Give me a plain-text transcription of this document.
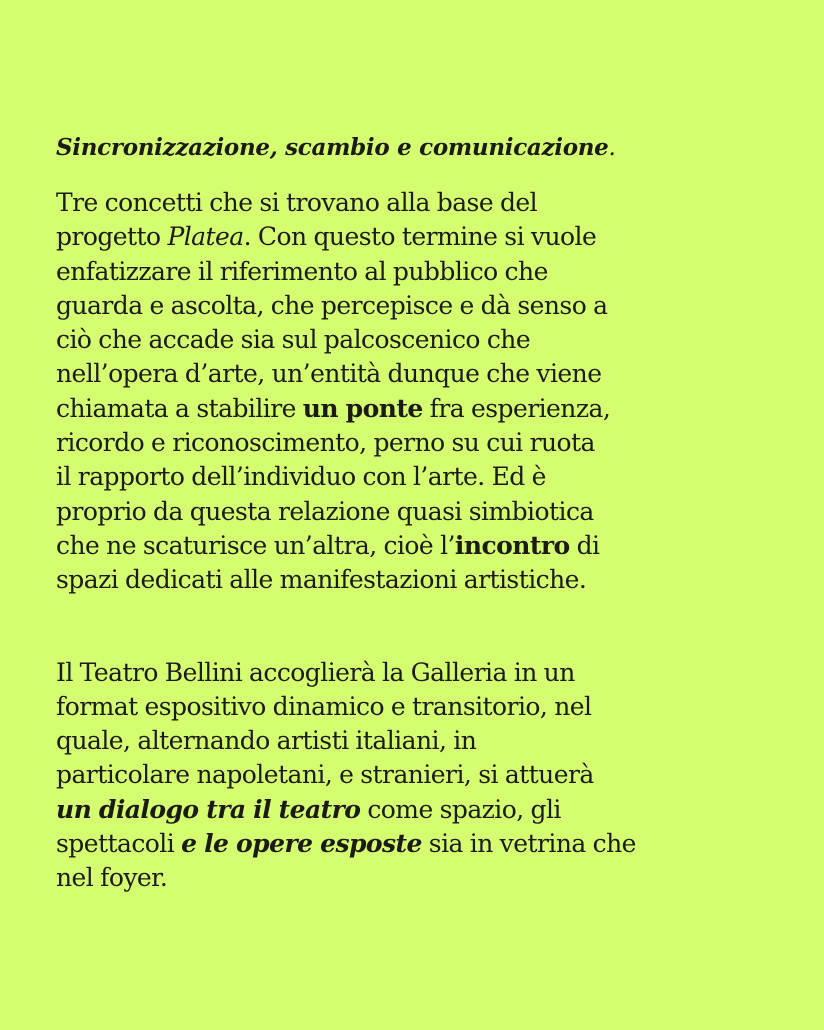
Sincronizzazione, scambio e comunicazione.

Tre concetti che si trovano alla base del
progetto Platea. Con questo termine si vuole
enfatizzare il riferimento al pubblico che
guarda e ascolta, che percepisce e dà senso a
ciò che accade sia sul palcoscenico che
nell’opera d’arte, un’entità dunque che viene
chiamata a stabilire un ponte fra esperienza,
ricordo e riconoscimento, perno su cui ruota
il rapporto dell’individuo con l’arte. Ed è
proprio da questa relazione quasi simbiotica
che ne scaturisce un’altra, cioè l’incontro di
spazi dedicati alle manifestazioni artistiche.

Il Teatro Bellini accoglierà la Galleria in un
format espositivo dinamico e transitorio, nel
quale, alternando artisti italiani, in
particolare napoletani, e stranieri, si attuerà
un dialogo tra il teatro come spazio, gli
spettacoli e le opere esposte sia in vetrina che
nel foyer.
